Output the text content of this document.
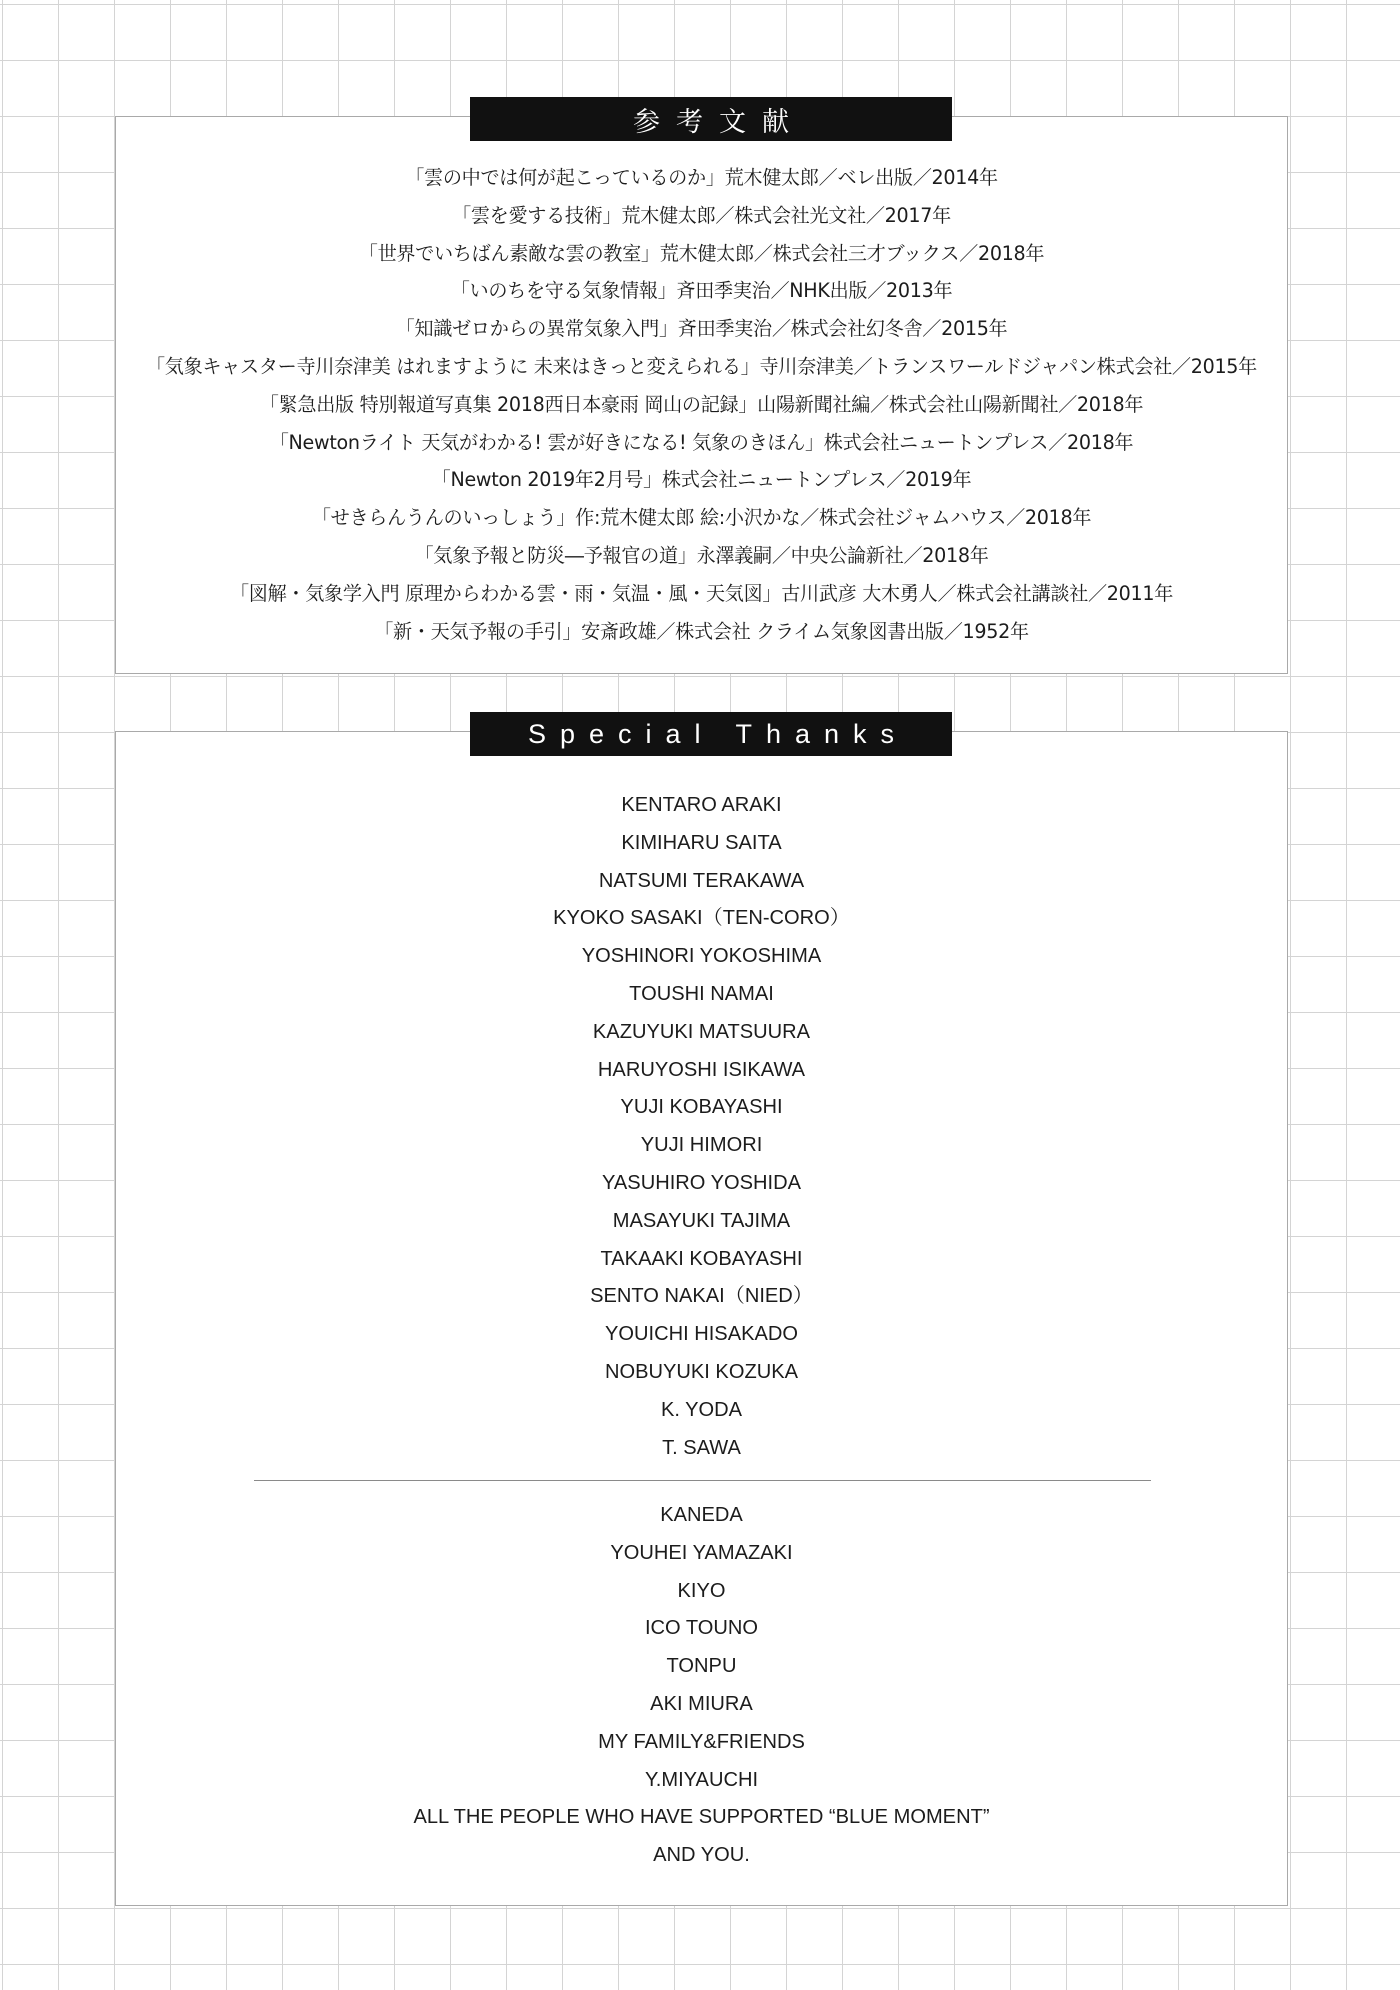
参考文献
「雲の中では何が起こっているのか」荒木健太郎／ベレ出版／2014年
「雲を愛する技術」荒木健太郎／株式会社光文社／2017年
「世界でいちばん素敵な雲の教室」荒木健太郎／株式会社三才ブックス／2018年
「いのちを守る気象情報」斉田季実治／NHK出版／2013年
「知識ゼロからの異常気象入門」斉田季実治／株式会社幻冬舎／2015年
「気象キャスター寺川奈津美 はれますように 未来はきっと変えられる」寺川奈津美／トランスワールドジャパン株式会社／2015年
「緊急出版 特別報道写真集 2018西日本豪雨 岡山の記録」山陽新聞社編／株式会社山陽新聞社／2018年
「Newtonライト 天気がわかる! 雲が好きになる! 気象のきほん」株式会社ニュートンプレス／2018年
「Newton 2019年2月号」株式会社ニュートンプレス／2019年
「せきらんうんのいっしょう」作:荒木健太郎 絵:小沢かな／株式会社ジャムハウス／2018年
「気象予報と防災―予報官の道」永澤義嗣／中央公論新社／2018年
「図解・気象学入門 原理からわかる雲・雨・気温・風・天気図」古川武彦 大木勇人／株式会社講談社／2011年
「新・天気予報の手引」安斎政雄／株式会社 クライム気象図書出版／1952年
Special Thanks
KENTARO ARAKI
KIMIHARU SAITA
NATSUMI TERAKAWA
KYOKO SASAKI（TEN-CORO）
YOSHINORI YOKOSHIMA
TOUSHI NAMAI
KAZUYUKI MATSUURA
HARUYOSHI ISIKAWA
YUJI KOBAYASHI
YUJI HIMORI
YASUHIRO YOSHIDA
MASAYUKI TAJIMA
TAKAAKI KOBAYASHI
SENTO NAKAI（NIED）
YOUICHI HISAKADO
NOBUYUKI KOZUKA
K. YODA
T. SAWA
KANEDA
YOUHEI YAMAZAKI
KIYO
ICO TOUNO
TONPU
AKI MIURA
MY FAMILY&FRIENDS
Y.MIYAUCHI
ALL THE PEOPLE WHO HAVE SUPPORTED “BLUE MOMENT”
AND YOU.
